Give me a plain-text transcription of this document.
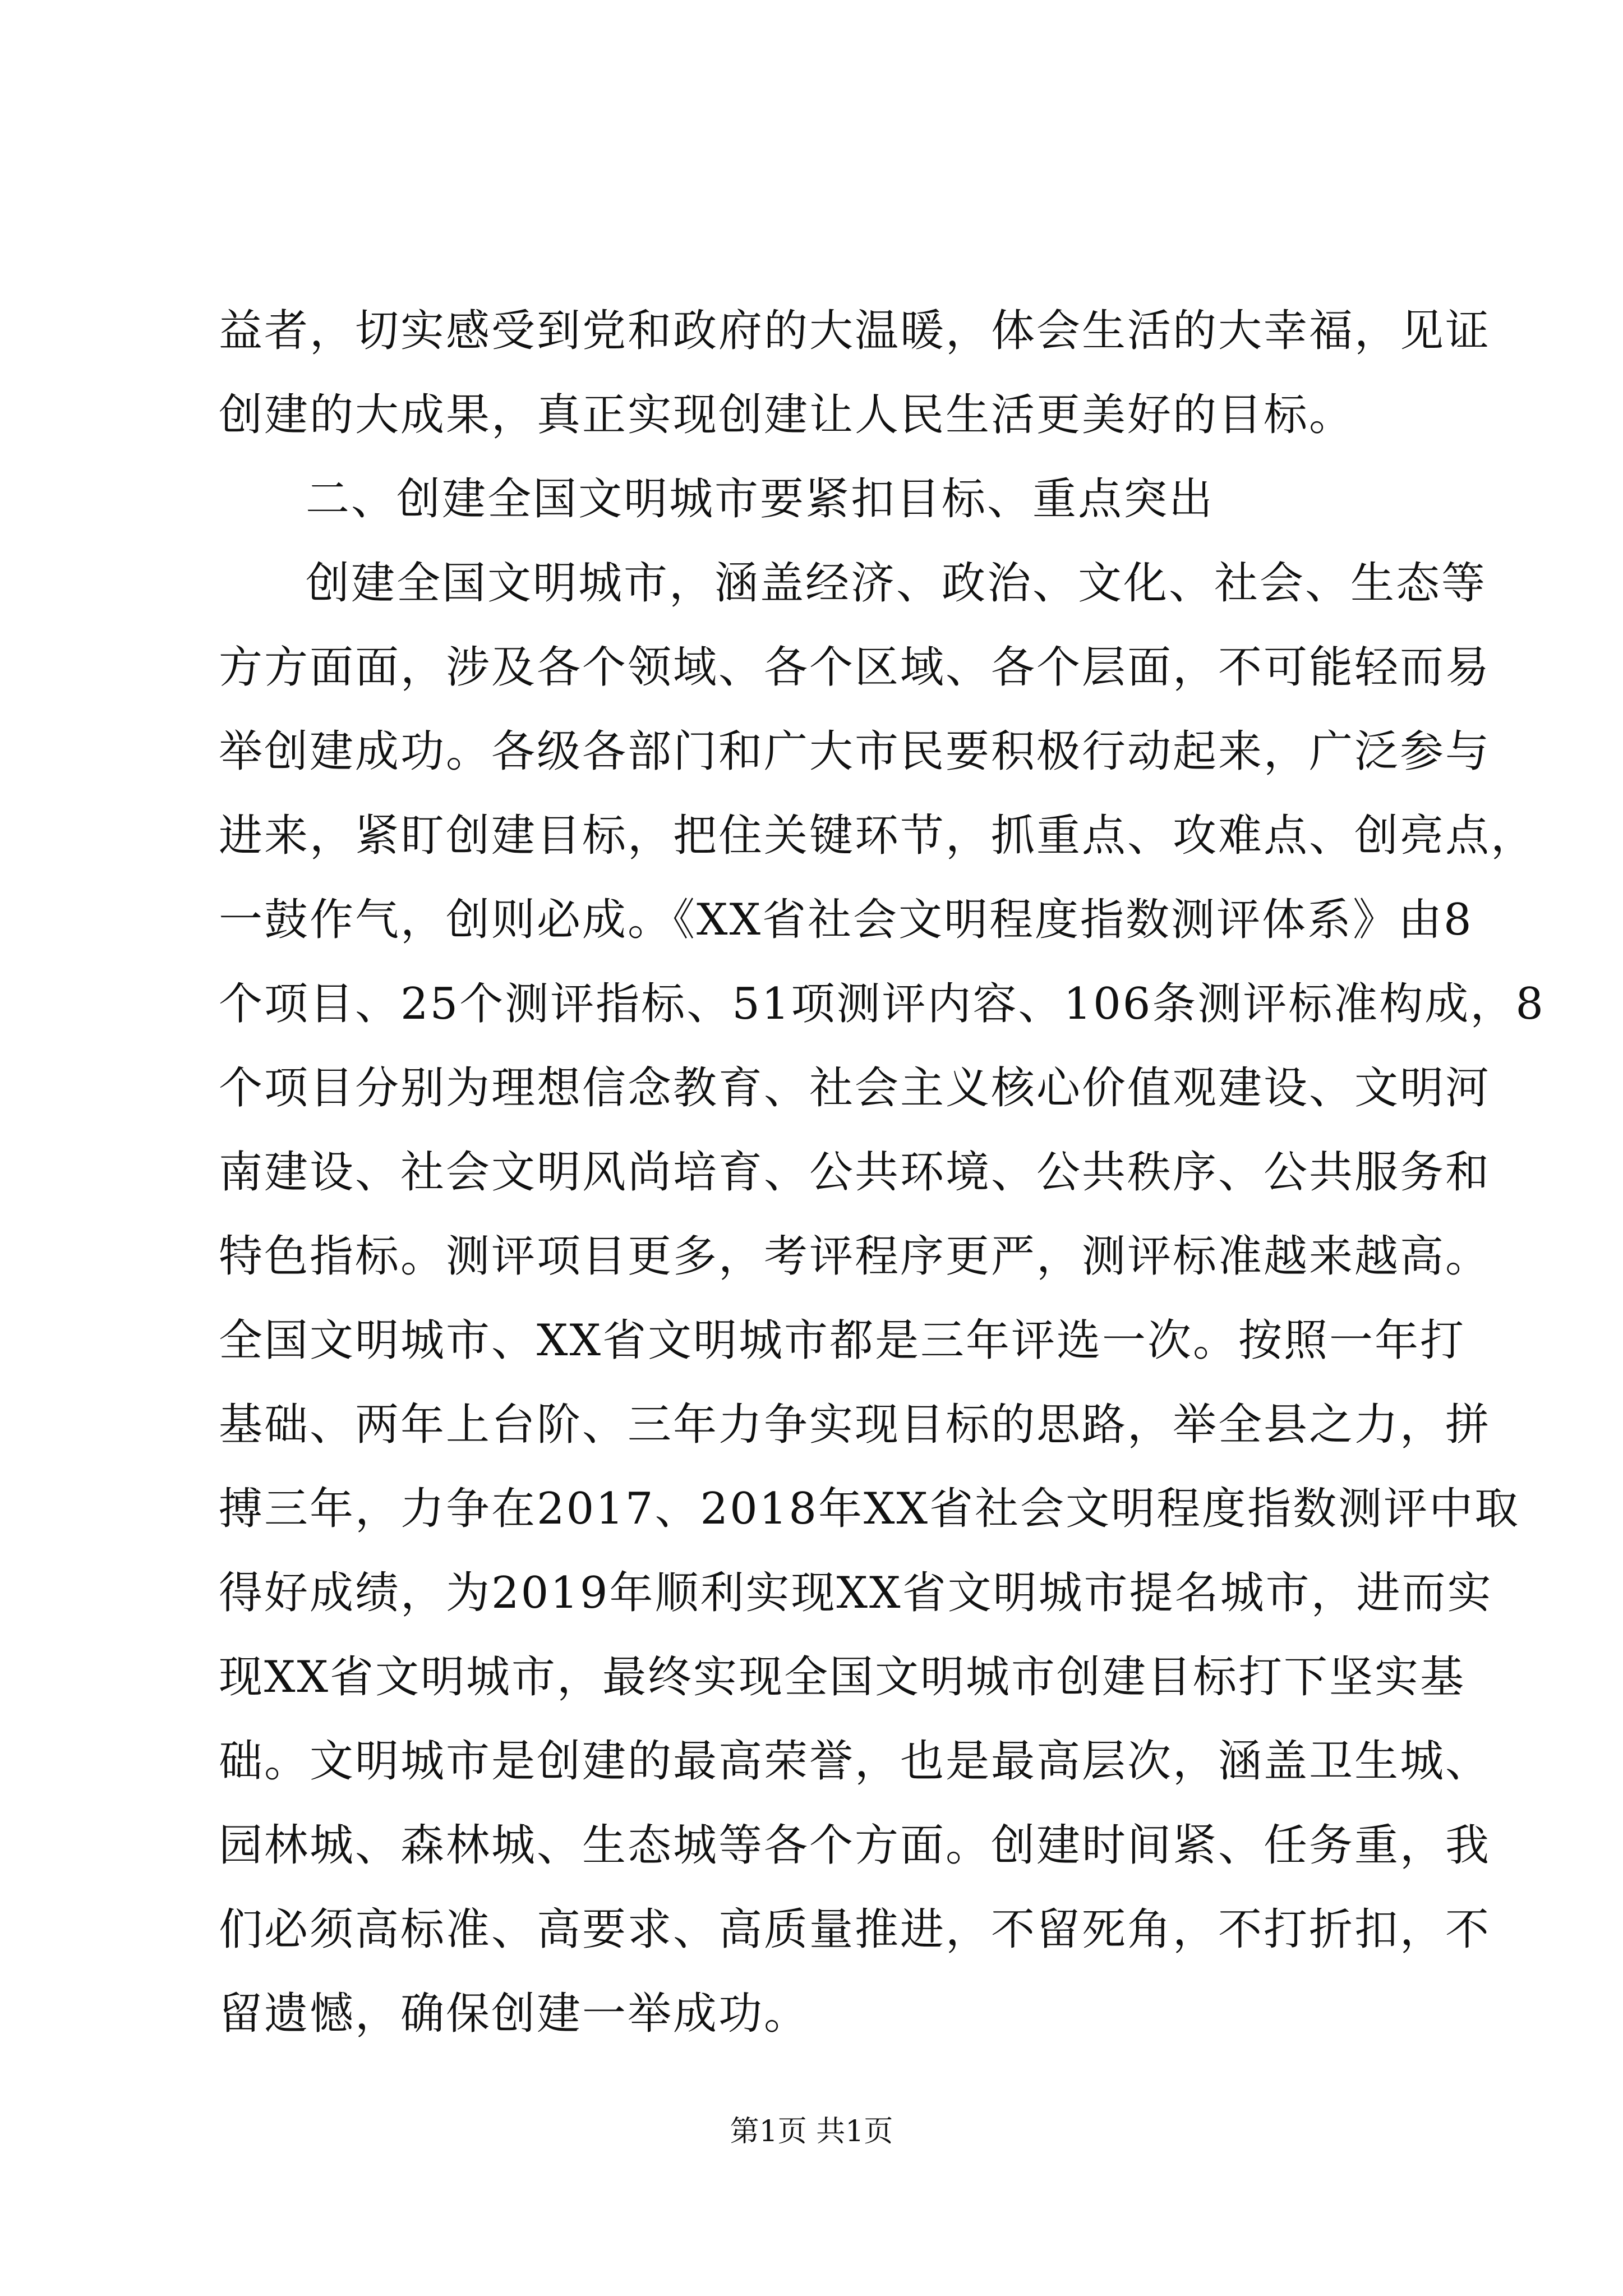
益者，切实感受到党和政府的大温暖，体会生活的大幸福，见证
创建的大成果，真正实现创建让人民生活更美好的目标。
二、创建全国文明城市要紧扣目标、重点突出
创建全国文明城市，涵盖经济、政治、文化、社会、生态等
方方面面，涉及各个领域、各个区域、各个层面，不可能轻而易
举创建成功。各级各部门和广大市民要积极行动起来，广泛参与
进来，紧盯创建目标，把住关键环节，抓重点、攻难点、创亮点，
一鼓作气，创则必成。《XX省社会文明程度指数测评体系》由8
个项目、25个测评指标、51项测评内容、106条测评标准构成，8
个项目分别为理想信念教育、社会主义核心价值观建设、文明河
南建设、社会文明风尚培育、公共环境、公共秩序、公共服务和
特色指标。测评项目更多，考评程序更严，测评标准越来越高。
全国文明城市、XX省文明城市都是三年评选一次。按照一年打
基础、两年上台阶、三年力争实现目标的思路，举全县之力，拼
搏三年，力争在2017、2018年XX省社会文明程度指数测评中取
得好成绩，为2019年顺利实现XX省文明城市提名城市，进而实
现XX省文明城市，最终实现全国文明城市创建目标打下坚实基
础。文明城市是创建的最高荣誉，也是最高层次，涵盖卫生城、
园林城、森林城、生态城等各个方面。创建时间紧、任务重，我
们必须高标准、高要求、高质量推进，不留死角，不打折扣，不
留遗憾，确保创建一举成功。
第1页 共1页
